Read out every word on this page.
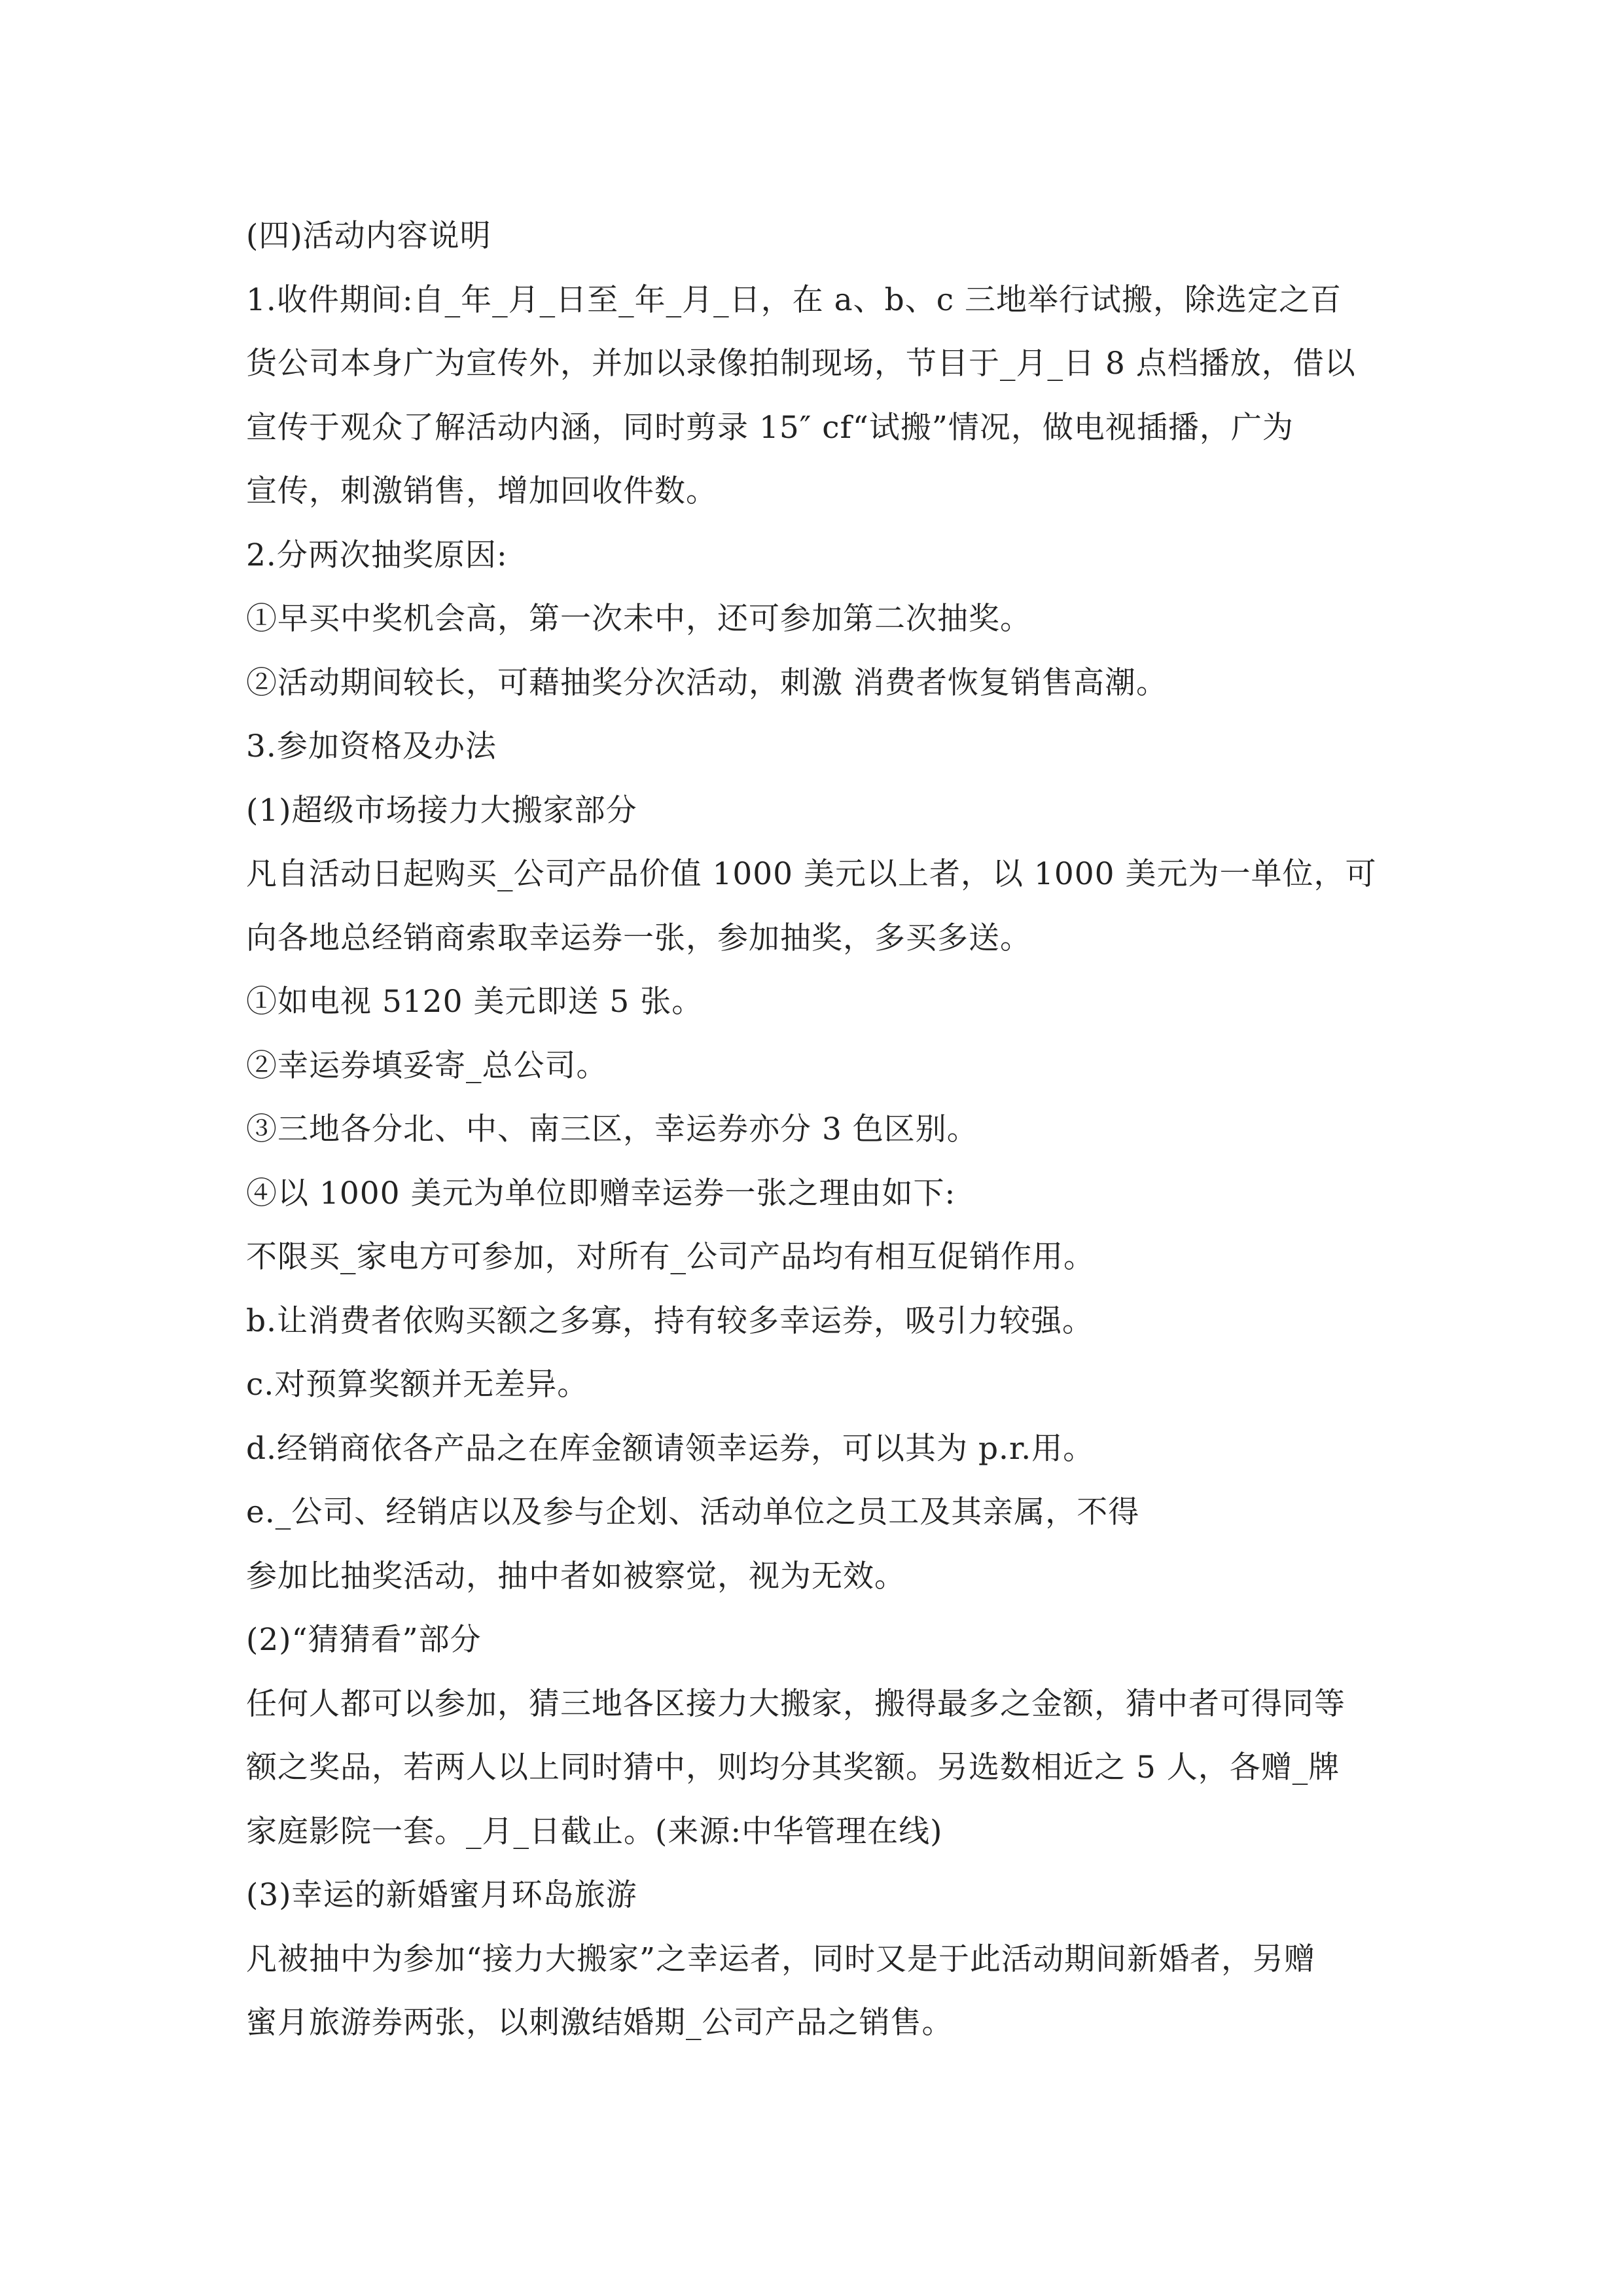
(四)活动内容说明
1.收件期间:自_年_月_日至_年_月_日，在 a、b、c 三地举行试搬，除选定之百
货公司本身广为宣传外，并加以录像拍制现场，节目于_月_日 8 点档播放，借以
宣传于观众了解活动内涵，同时剪录 15″ cf“试搬”情况，做电视插播，广为
宣传，刺激销售，增加回收件数。
2.分两次抽奖原因:
①早买中奖机会高，第一次未中，还可参加第二次抽奖。
②活动期间较长，可藉抽奖分次活动，刺激 消费者恢复销售高潮。
3.参加资格及办法
(1)超级市场接力大搬家部分
凡自活动日起购买_公司产品价值 1000 美元以上者，以 1000 美元为一单位，可
向各地总经销商索取幸运券一张，参加抽奖，多买多送。
①如电视 5120 美元即送 5 张。
②幸运券填妥寄_总公司。
③三地各分北、中、南三区，幸运券亦分 3 色区别。
④以 1000 美元为单位即赠幸运券一张之理由如下:
不限买_家电方可参加，对所有_公司产品均有相互促销作用。
b.让消费者依购买额之多寡，持有较多幸运券，吸引力较强。
c.对预算奖额并无差异。
d.经销商依各产品之在库金额请领幸运券，可以其为 p.r.用。
e._公司、经销店以及参与企划、活动单位之员工及其亲属，不得
参加比抽奖活动，抽中者如被察觉，视为无效。
(2)“猜猜看”部分
任何人都可以参加，猜三地各区接力大搬家，搬得最多之金额，猜中者可得同等
额之奖品，若两人以上同时猜中，则均分其奖额。另选数相近之 5 人，各赠_牌
家庭影院一套。_月_日截止。(来源:中华管理在线)
(3)幸运的新婚蜜月环岛旅游
凡被抽中为参加“接力大搬家”之幸运者，同时又是于此活动期间新婚者，另赠
蜜月旅游券两张，以刺激结婚期_公司产品之销售。
